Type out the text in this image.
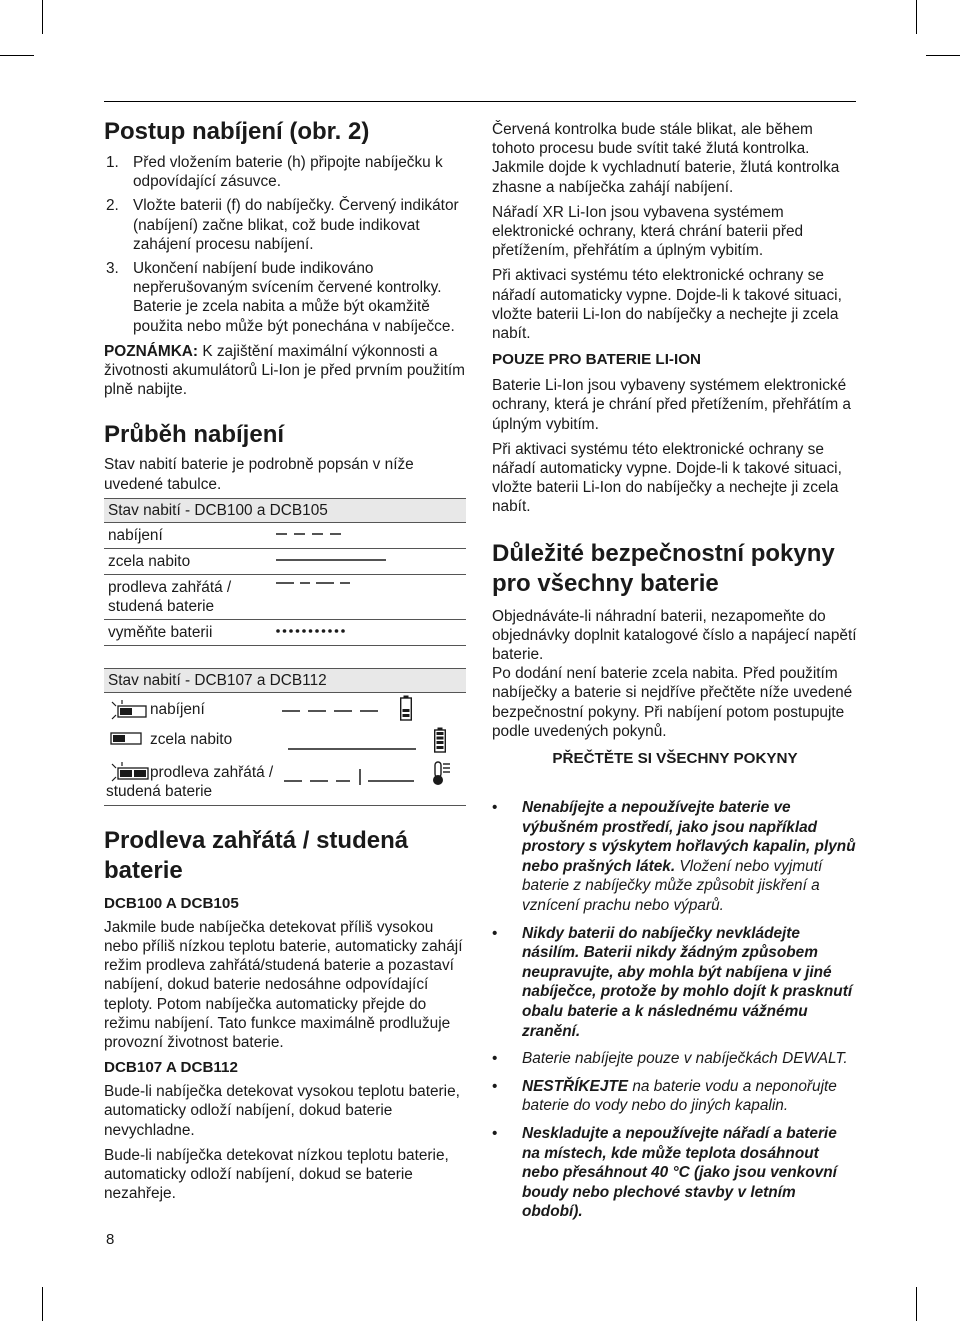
Postup nabíjení (obr. 2)
1. Před vložením baterie (h) připojte nabíječku k odpovídající zásuvce.
2. Vložte baterii (f) do nabíječky. Červený indikátor (nabíjení) začne blikat, což bude indikovat zahájení procesu nabíjení.
3. Ukončení nabíjení bude indikováno nepřerušovaným svícením červené kontrolky. Baterie je zcela nabita a může být okamžitě použita nebo může být ponechána v nabíječce.

POZNÁMKA: K zajištění maximální výkonnosti a životnosti akumulátorů Li-Ion je před prvním použitím plně nabijte.

Průběh nabíjení

Stav nabití baterie je podrobně popsán v níže uvedené tabulce.

Stav nabití - DCB100 a DCB105
nabíjení
zcela nabito
prodleva zahřátá / studená baterie
vyměňte baterii
Stav nabití - DCB107 a DCB112
nabíjení
zcela nabito
prodleva zahřátá / studená baterie
Prodleva zahřátá / studená baterie
DCB100 A DCB105

Jakmile bude nabíječka detekovat příliš vysokou nebo příliš nízkou teplotu baterie, automaticky zahájí režim prodleva zahřátá/studená baterie a pozastaví nabíjení, dokud baterie nedosáhne odpovídající teploty. Potom nabíječka automaticky přejde do režimu nabíjení. Tato funkce maximálně prodlužuje provozní životnost baterie.

DCB107 A DCB112

Bude-li nabíječka detekovat vysokou teplotu baterie, automaticky odloží nabíjení, dokud baterie nevychladne.

Bude-li nabíječka detekovat nízkou teplotu baterie, automaticky odloží nabíjení, dokud se baterie nezahřeje.

Červená kontrolka bude stále blikat, ale během tohoto procesu bude svítit také žlutá kontrolka. Jakmile dojde k vychladnutí baterie, žlutá kontrolka zhasne a nabíječka zahájí nabíjení.

Nářadí XR Li-Ion jsou vybavena systémem elektronické ochrany, která chrání baterii před přetížením, přehřátím a úplným vybitím.

Při aktivaci systému této elektronické ochrany se nářadí automaticky vypne. Dojde-li k takové situaci, vložte baterii Li-Ion do nabíječky a nechejte ji zcela nabít.

POUZE PRO BATERIE LI-ION

Baterie Li-Ion jsou vybaveny systémem elektronické ochrany, která je chrání před přetížením, přehřátím a úplným vybitím.

Při aktivaci systému této elektronické ochrany se nářadí automaticky vypne. Dojde-li k takové situaci, vložte baterii Li-Ion do nabíječky a nechejte ji zcela nabít.

Důležité bezpečnostní pokyny pro všechny baterie

Objednáváte-li náhradní baterii, nezapomeňte do objednávky doplnit katalogové číslo a napájecí napětí baterie.

Po dodání není baterie zcela nabita. Před použitím nabíječky a baterie si nejdříve přečtěte níže uvedené bezpečnostní pokyny. Při nabíjení potom postupujte podle uvedených pokynů.

PŘEČTĚTE SI VŠECHNY POKYNY
• Nenabíjejte a nepoužívejte baterie ve výbušném prostředí, jako jsou například prostory s výskytem hořlavých kapalin, plynů nebo prašných látek. Vložení nebo vyjmutí baterie z nabíječky může způsobit jiskření a vznícení prachu nebo výparů.
• Nikdy baterii do nabíječky nevkládejte násilím. Baterii nikdy žádným způsobem neupravujte, aby mohla být nabíjena v jiné nabíječce, protože by mohlo dojít k prasknutí obalu baterie a k následnému vážnému zranění.
• Baterie nabíjejte pouze v nabíječkách DEWALT.
• NESTŘÍKEJTE na baterie vodu a neponořujte baterie do vody nebo do jiných kapalin.
• Neskladujte a nepoužívejte nářadí a baterie na místech, kde může teplota dosáhnout nebo přesáhnout 40 °C (jako jsou venkovní boudy nebo plechové stavby v letním období).
8
